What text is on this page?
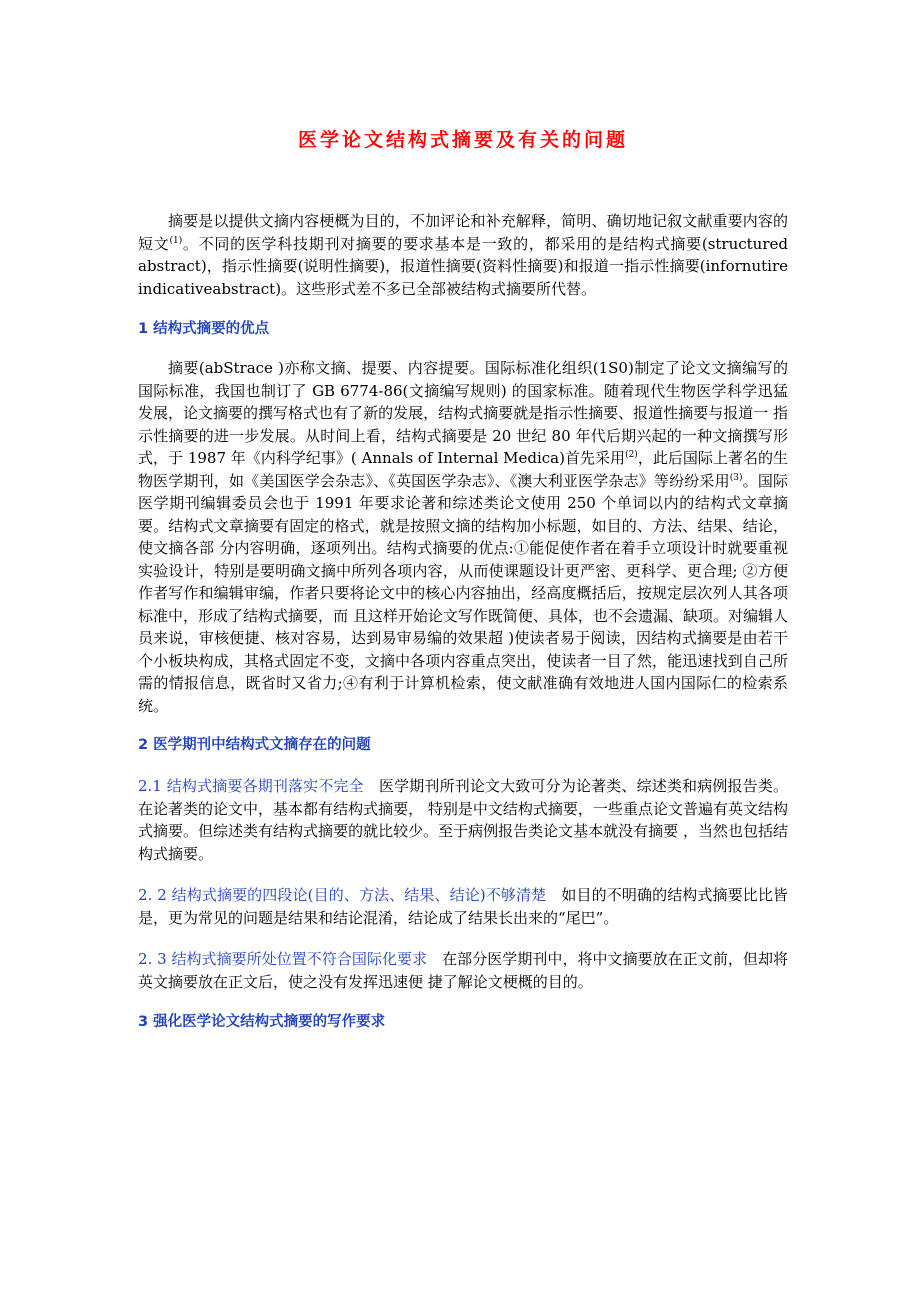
医学论文结构式摘要及有关的问题

摘要是以提供文摘内容梗概为目的，不加评论和补充解释，简明、确切地记叙文献重要内容的短文$^{(1)}$。不同的医学科技期刊对摘要的要求基本是一致的，都采用的是结构式摘要(structured abstract)，指示性摘要(说明性摘要)，报道性摘要(资料性摘要)和报道一指示性摘要(infornutire indicativeabstract)。这些形式差不多已全部被结构式摘要所代替。

1 结构式摘要的优点

摘要(abStrace )亦称文摘、提要、内容提要。国际标准化组织(1S0)制定了论文文摘编写的国际标准，我国也制订了 GB 6774-86(文摘编写规则) 的国家标准。随着现代生物医学科学迅猛发展，论文摘要的撰写格式也有了新的发展，结构式摘要就是指示性摘要、报道性摘要与报道一 指示性摘要的进一步发展。从时间上看，结构式摘要是 20 世纪 80 年代后期兴起的一种文摘撰写形式，于 1987 年《内科学纪事》( Annals of Internal Medica)首先采用$^{(2)}$，此后国际上著名的生物医学期刊，如《美国医学会杂志》、《英国医学杂志》、《澳大利亚医学杂志》等纷纷采用$^{(3)}$。国际医学期刊编辑委员会也于 1991 年要求论著和综述类论文使用 250 个单词以内的结构式文章摘要。结构式文章摘要有固定的格式，就是按照文摘的结构加小标题，如目的、方法、结果、结论，使文摘各部 分内容明确，逐项列出。结构式摘要的优点:①能促使作者在着手立项设计时就要重视实验设计，特别是要明确文摘中所列各项内容，从而使课题设计更严密、更科学、更合理; ②方便作者写作和编辑审编，作者只要将论文中的核心内容抽出，经高度概括后，按规定层次列人其各项标准中，形成了结构式摘要，而 且这样开始论文写作既简便、具体，也不会遗漏、缺项。对编辑人员来说，审核便捷、核对容易，达到易审易编的效果超 )使读者易于阅读，因结构式摘要是由若干个小板块构成，其格式固定不变，文摘中各项内容重点突出，使读者一目了然，能迅速找到自己所需的情报信息，既省时又省力;④有利于计算机检索，使文献准确有效地进人国内国际仁的检索系统。

2 医学期刊中结构式文摘存在的问题

2.1 结构式摘要各期刊落实不完全 医学期刊所刊论文大致可分为论著类、综述类和病例报告类。在论著类的论文中，基本都有结构式摘要， 特别是中文结构式摘要，一些重点论文普遍有英文结构式摘要。但综述类有结构式摘要的就比较少。至于病例报告类论文基本就没有摘要 ，当然也包括结构式摘要。

2. 2 结构式摘要的四段论(目的、方法、结果、结论)不够清楚 如目的不明确的结构式摘要比比皆是，更为常见的问题是结果和结论混淆，结论成了结果长出来的“尾巴”。

2. 3 结构式摘要所处位置不符合国际化要求 在部分医学期刊中，将中文摘要放在正文前，但却将英文摘要放在正文后，使之没有发挥迅速便 捷了解论文梗概的目的。

3 强化医学论文结构式摘要的写作要求
